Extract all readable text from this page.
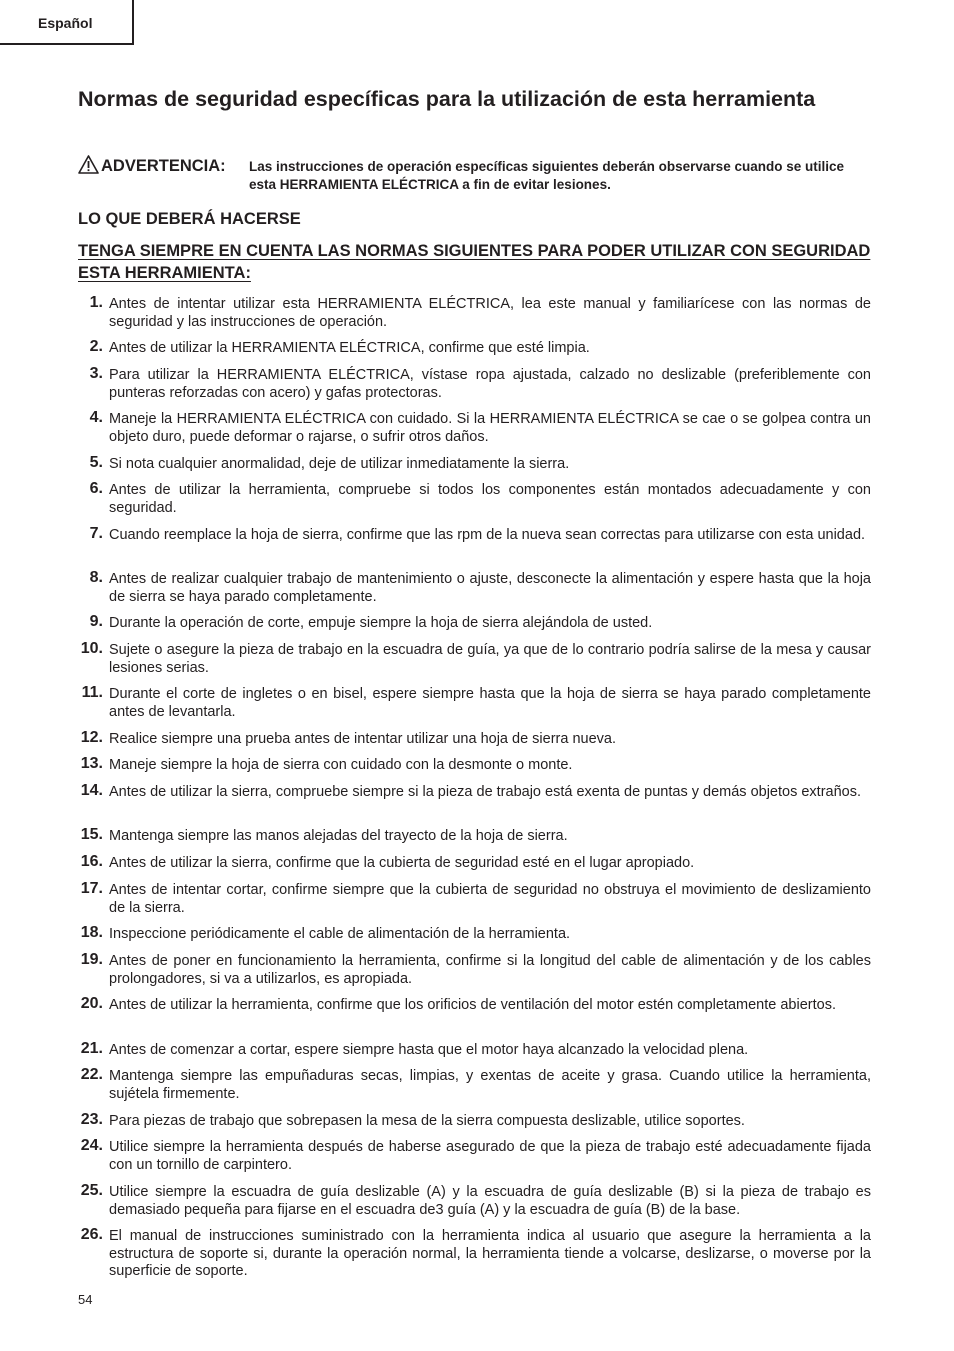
Español
Normas de seguridad específicas para la utilización de esta herramienta
ADVERTENCIA: Las instrucciones de operación específicas siguientes deberán observarse cuando se utilice esta HERRAMIENTA ELÉCTRICA a fin de evitar lesiones.
LO QUE DEBERÁ HACERSE
TENGA SIEMPRE EN CUENTA LAS NORMAS SIGUIENTES PARA PODER UTILIZAR CON SEGURIDAD ESTA HERRAMIENTA:
1. Antes de intentar utilizar esta HERRAMIENTA ELÉCTRICA, lea este manual y familiarícese con las normas de seguridad y las instrucciones de operación.
2. Antes de utilizar la HERRAMIENTA ELÉCTRICA, confirme que esté limpia.
3. Para utilizar la HERRAMIENTA ELÉCTRICA, vístase ropa ajustada, calzado no deslizable (preferiblemente con punteras reforzadas con acero) y gafas protectoras.
4. Maneje la HERRAMIENTA ELÉCTRICA con cuidado. Si la HERRAMIENTA ELÉCTRICA se cae o se golpea contra un objeto duro, puede deformar o rajarse, o sufrir otros daños.
5. Si nota cualquier anormalidad, deje de utilizar inmediatamente la sierra.
6. Antes de utilizar la herramienta, compruebe si todos los componentes están montados adecuadamente y con seguridad.
7. Cuando reemplace la hoja de sierra, confirme que las rpm de la nueva sean correctas para utilizarse con esta unidad.
8. Antes de realizar cualquier trabajo de mantenimiento o ajuste, desconecte la alimentación y espere hasta que la hoja de sierra se haya parado completamente.
9. Durante la operación de corte, empuje siempre la hoja de sierra alejándola de usted.
10. Sujete o asegure la pieza de trabajo en la escuadra de guía, ya que de lo contrario podría salirse de la mesa y causar lesiones serias.
11. Durante el corte de ingletes o en bisel, espere siempre hasta que la hoja de sierra se haya parado completamente antes de levantarla.
12. Realice siempre una prueba antes de intentar utilizar una hoja de sierra nueva.
13. Maneje siempre la hoja de sierra con cuidado con la desmonte o monte.
14. Antes de utilizar la sierra, compruebe siempre si la pieza de trabajo está exenta de puntas y demás objetos extraños.
15. Mantenga siempre las manos alejadas del trayecto de la hoja de sierra.
16. Antes de utilizar la sierra, confirme que la cubierta de seguridad esté en el lugar apropiado.
17. Antes de intentar cortar, confirme siempre que la cubierta de seguridad no obstruya el movimiento de deslizamiento de la sierra.
18. Inspeccione periódicamente el cable de alimentación de la herramienta.
19. Antes de poner en funcionamiento la herramienta, confirme si la longitud del cable de alimentación y de los cables prolongadores, si va a utilizarlos, es apropiada.
20. Antes de utilizar la herramienta, confirme que los orificios de ventilación del motor estén completamente abiertos.
21. Antes de comenzar a cortar, espere siempre hasta que el motor haya alcanzado la velocidad plena.
22. Mantenga siempre las empuñaduras secas, limpias, y exentas de aceite y grasa. Cuando utilice la herramienta, sujétela firmemente.
23. Para piezas de trabajo que sobrepasen la mesa de la sierra compuesta deslizable, utilice soportes.
24. Utilice siempre la herramienta después de haberse asegurado de que la pieza de trabajo esté adecuadamente fijada con un tornillo de carpintero.
25. Utilice siempre la escuadra de guía deslizable (A) y la escuadra de guía deslizable (B) si la pieza de trabajo es demasiado pequeña para fijarse en el escuadra de3 guía (A) y la escuadra de guía (B) de la base.
26. El manual de instrucciones suministrado con la herramienta indica al usuario que asegure la herramienta a la estructura de soporte si, durante la operación normal, la herramienta tiende a volcarse, deslizarse, o moverse por la superficie de soporte.
54
